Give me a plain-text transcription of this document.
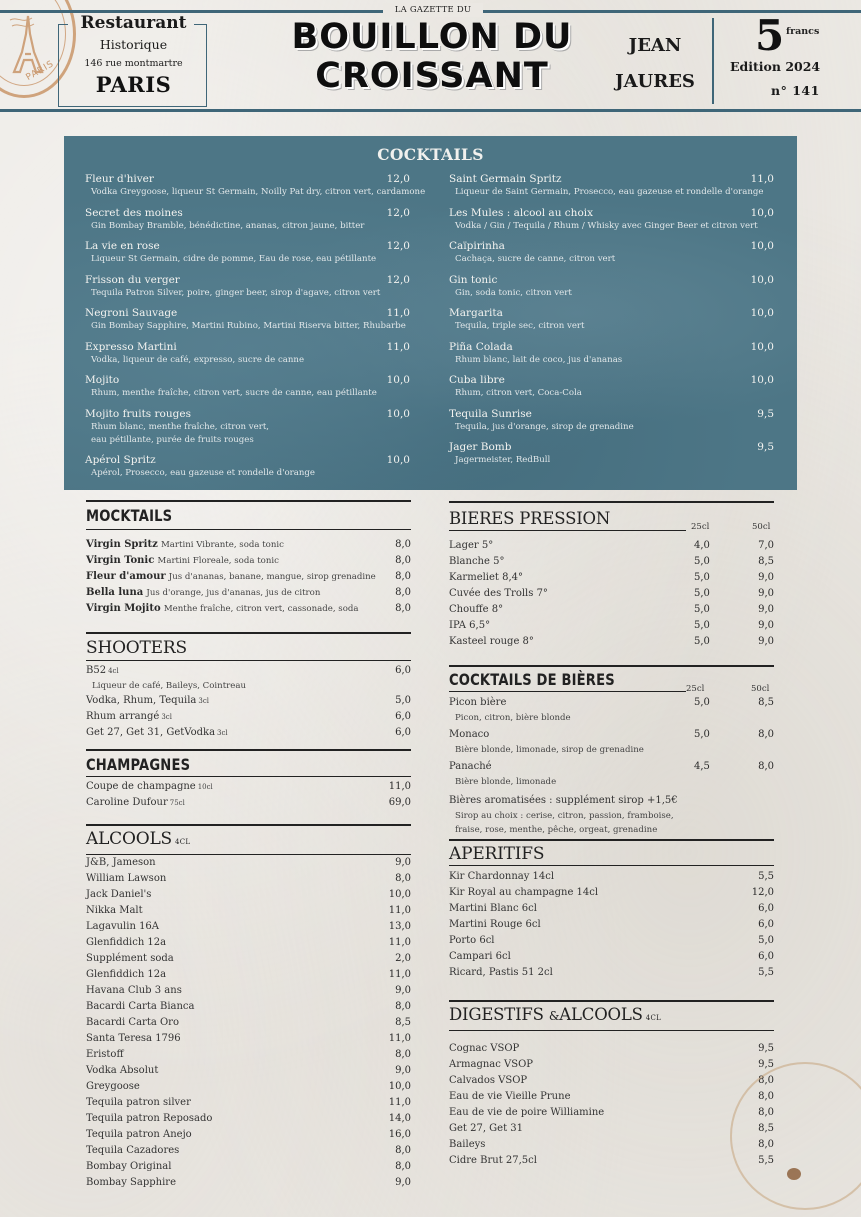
PARIS
LA GAZETTE DU
Restaurant
Historique
146 rue montmartre
PARIS
BOUILLON DU
CROISSANT
JEAN
JAURES
5 francs
Edition 2024
n° 141
COCKTAILS
Fleur d'hiver	12,0
Vodka Greygoose, liqueur St Germain, Noilly Pat dry, citron vert, cardamone
Secret des moines	12,0
Gin Bombay Bramble, bénédictine, ananas, citron jaune, bitter
La vie en rose	12,0
Liqueur St Germain, cidre de pomme, Eau de rose, eau pétillante
Frisson du verger	12,0
Tequila Patron Silver, poire, ginger beer, sirop d'agave, citron vert
Negroni Sauvage	11,0
Gin Bombay Sapphire, Martini Rubino, Martini Riserva bitter, Rhubarbe
Expresso Martini	11,0
Vodka, liqueur de café, expresso, sucre de canne
Mojito	10,0
Rhum, menthe fraîche, citron vert, sucre de canne, eau pétillante
Mojito fruits rouges	10,0
Rhum blanc, menthe fraîche, citron vert,
eau pétillante, purée de fruits rouges
Apérol Spritz	10,0
Apérol, Prosecco, eau gazeuse et rondelle d'orange
Saint Germain Spritz	11,0
Liqueur de Saint Germain, Prosecco, eau gazeuse et rondelle d'orange
Les Mules : alcool au choix	10,0
Vodka / Gin / Tequila / Rhum / Whisky avec Ginger Beer et citron vert
Caïpirinha	10,0
Cachaça, sucre de canne, citron vert
Gin tonic	10,0
Gin, soda tonic, citron vert
Margarita	10,0
Tequila, triple sec, citron vert
Piña Colada	10,0
Rhum blanc, lait de coco, jus d'ananas
Cuba libre	10,0
Rhum, citron vert, Coca-Cola
Tequila Sunrise	9,5
Tequila, jus d'orange, sirop de grenadine
Jager Bomb	9,5
Jagermeister, RedBull
MOCKTAILS
Virgin Spritz Martini Vibrante, soda tonic	8,0
Virgin Tonic Martini Floreale, soda tonic	8,0
Fleur d'amour Jus d'ananas, banane, mangue, sirop grenadine 8,0
Bella luna Jus d'orange, jus d'ananas, jus de citron	8,0
Virgin Mojito Menthe fraîche, citron vert, cassonade, soda	8,0
SHOOTERS
B52 4cl	6,0
Liqueur de café, Baileys, Cointreau
Vodka, Rhum, Tequila 3cl	5,0
Rhum arrangé 3cl	6,0
Get 27, Get 31, GetVodka 3cl	6,0
CHAMPAGNES
Coupe de champagne 10cl	11,0
Caroline Dufour 75cl	69,0
ALCOOLS 4CL
J&B, Jameson	9,0
William Lawson	8,0
Jack Daniel's	10,0
Nikka Malt	11,0
Lagavulin 16A	13,0
Glenfiddich 12a	11,0
Supplément soda	2,0
Glenfiddich 12a	11,0
Havana Club 3 ans	9,0
Bacardi Carta Bianca	8,0
Bacardi Carta Oro	8,5
Santa Teresa 1796	11,0
Eristoff	8,0
Vodka Absolut	9,0
Greygoose	10,0
Tequila patron silver	11,0
Tequila patron Reposado	14,0
Tequila patron Anejo	16,0
Tequila Cazadores	8,0
Bombay Original	8,0
Bombay Sapphire	9,0
BIERES PRESSION	25cl	50cl
Lager 5°	4,0	7,0
Blanche 5°	5,0	8,5
Karmeliet 8,4°	5,0	9,0
Cuvée des Trolls 7°	5,0	9,0
Chouffe 8°	5,0	9,0
IPA 6,5°	5,0	9,0
Kasteel rouge 8°	5,0	9,0
COCKTAILS DE BIÈRES	25cl	50cl
Picon bière	5,0	8,5
Picon, citron, bière blonde
Monaco	5,0	8,0
Bière blonde, limonade, sirop de grenadine
Panaché	4,5	8,0
Bière blonde, limonade
Bières aromatisées : supplément sirop +1,5€
Sirop au choix : cerise, citron, passion, framboise,
fraise, rose, menthe, pêche, orgeat, grenadine
APERITIFS
Kir Chardonnay 14cl	5,5
Kir Royal au champagne 14cl	12,0
Martini Blanc 6cl	6,0
Martini Rouge 6cl	6,0
Porto 6cl	5,0
Campari 6cl	6,0
Ricard, Pastis 51 2cl	5,5
DIGESTIFS &ALCOOLS 4CL
Cognac VSOP	9,5
Armagnac VSOP	9,5
Calvados VSOP	8,0
Eau de vie Vieille Prune	8,0
Eau de vie de poire Williamine	8,0
Get 27, Get 31	8,5
Baileys	8,0
Cidre Brut 27,5cl	5,5
